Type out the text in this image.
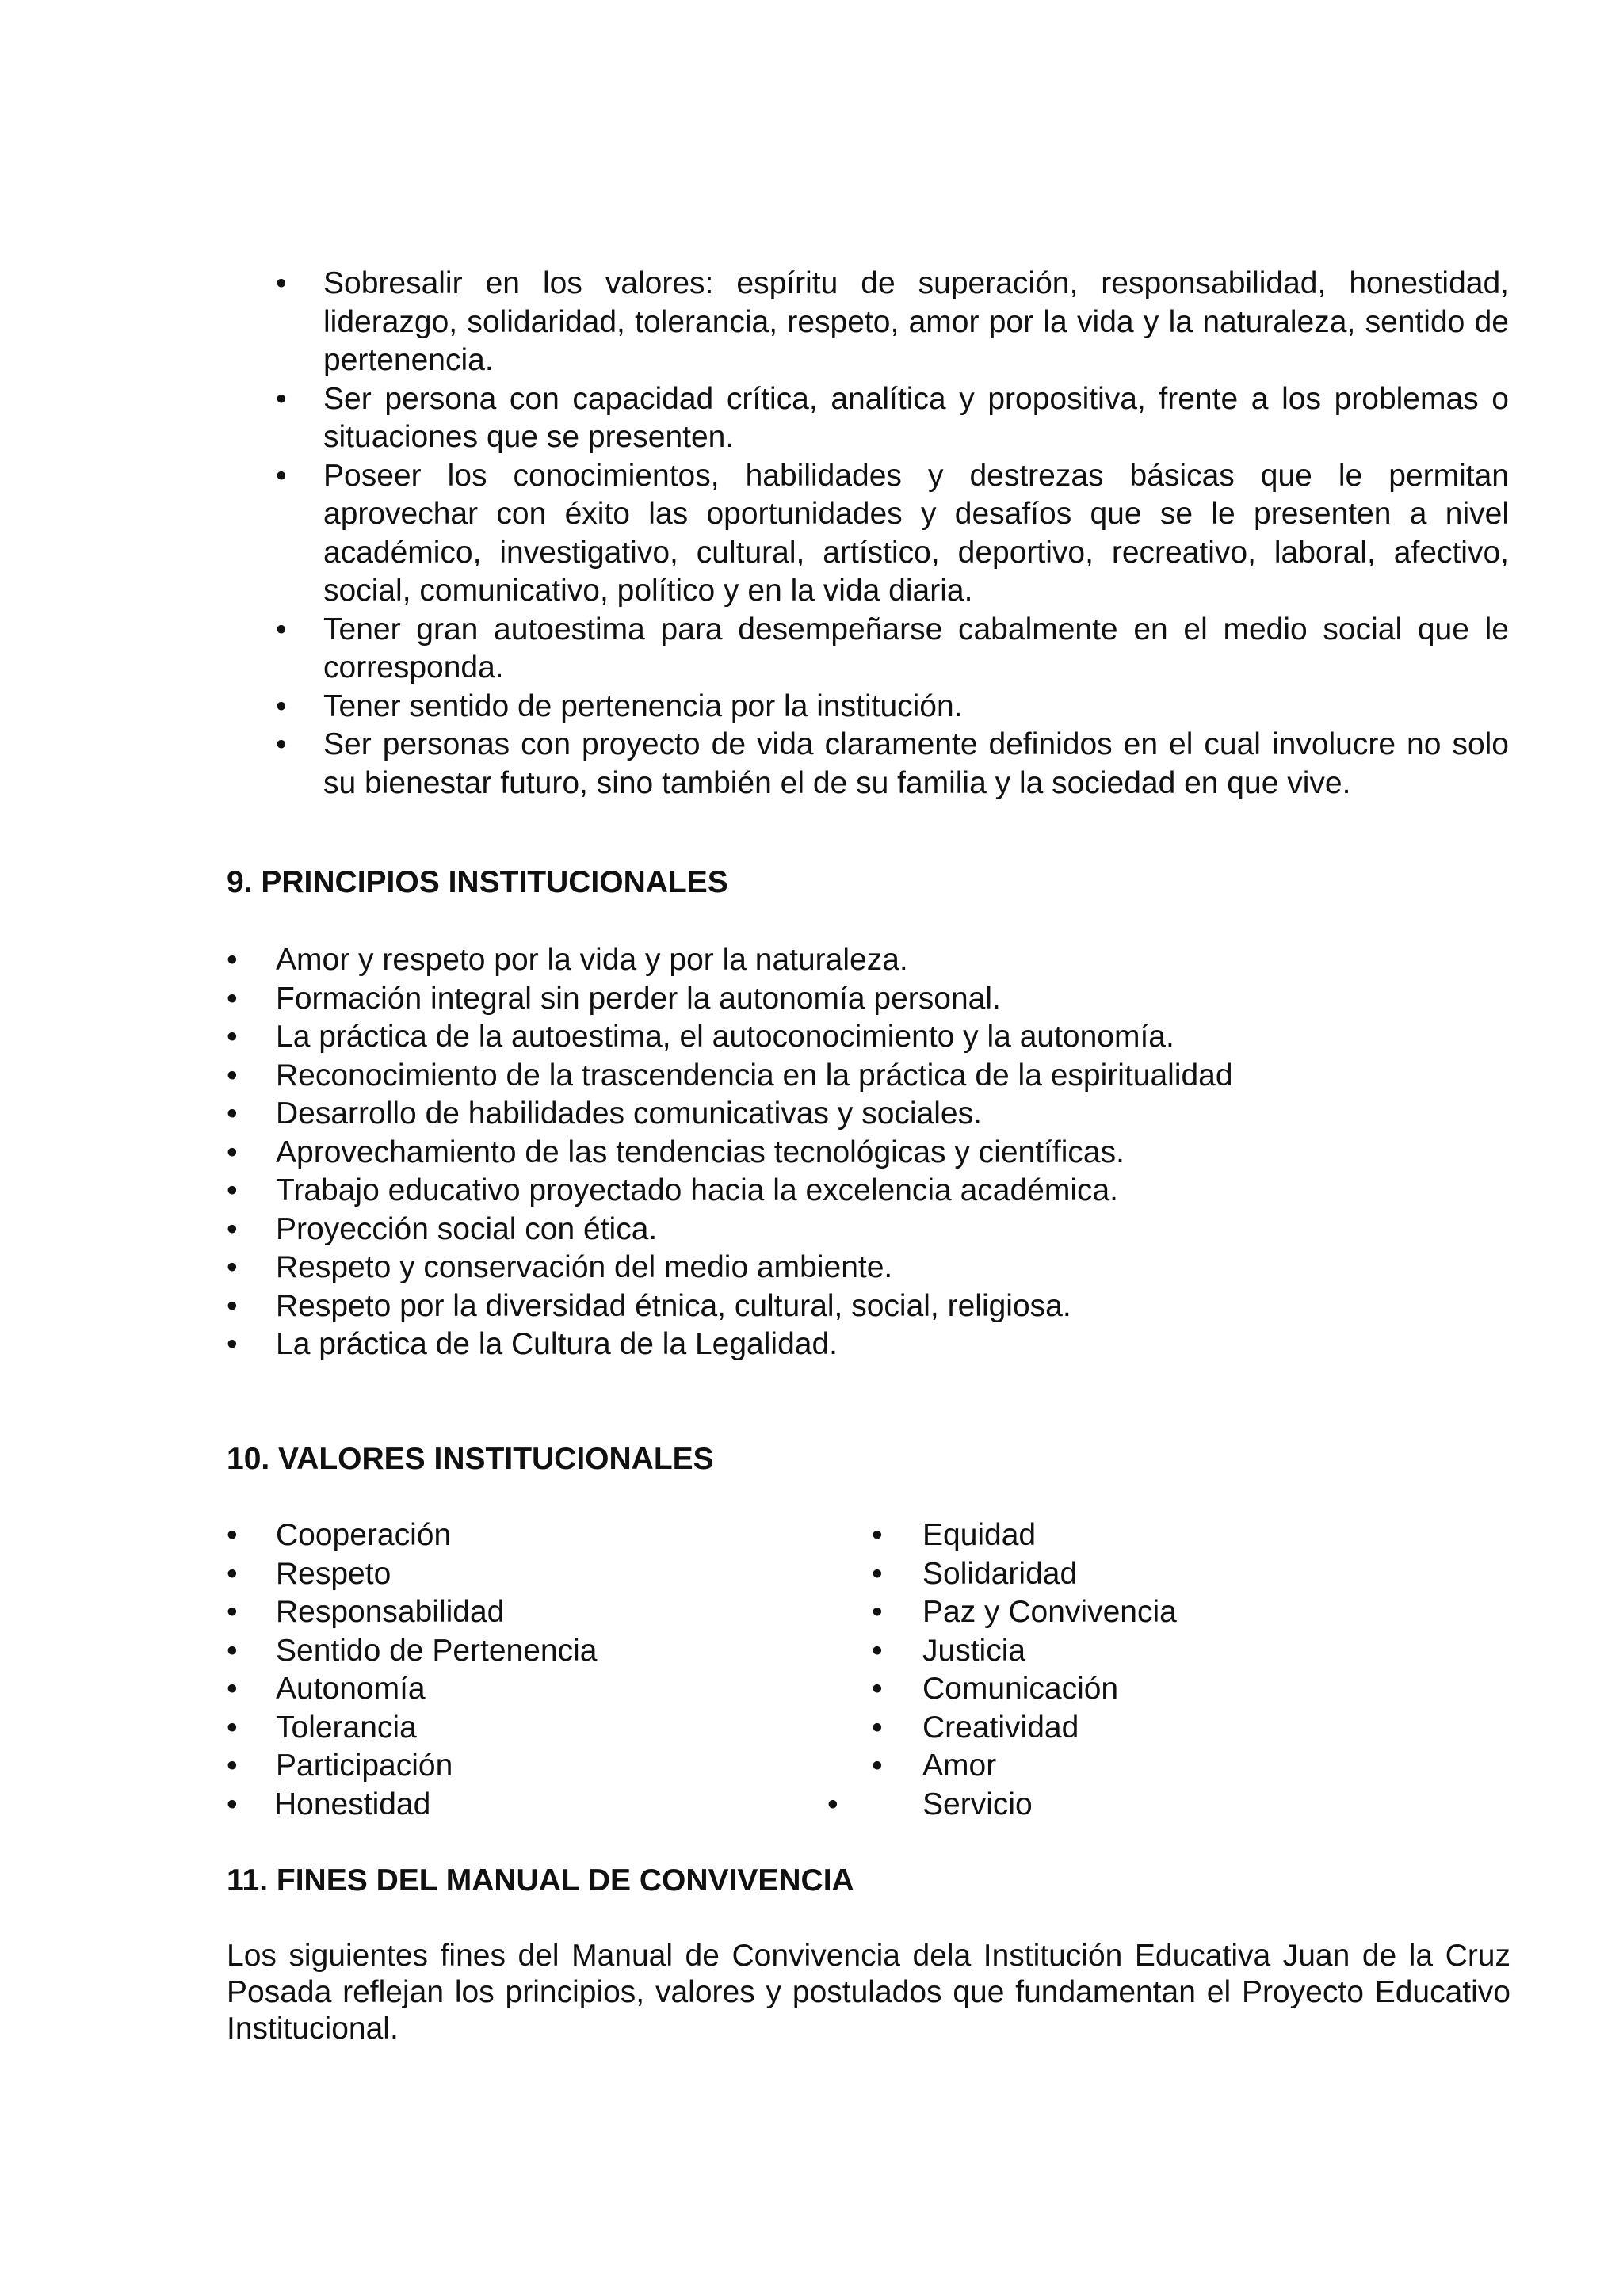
•	Sobresalir en los valores: espíritu de superación, responsabilidad, honestidad, liderazgo, solidaridad, tolerancia, respeto, amor por la vida y la naturaleza, sentido de pertenencia.
•	Ser persona con capacidad crítica, analítica y propositiva, frente a los problemas o situaciones que se presenten.
•	Poseer los conocimientos, habilidades y destrezas básicas que le permitan aprovechar con éxito las oportunidades y desafíos que se le presenten a nivel académico, investigativo, cultural, artístico, deportivo, recreativo, laboral, afectivo, social, comunicativo, político y en la vida diaria.
•	Tener gran autoestima para desempeñarse cabalmente en el medio social que le corresponda.
•	Tener sentido de pertenencia por la institución.
•	Ser personas con proyecto de vida claramente definidos en el cual involucre no solo su bienestar futuro, sino también el de su familia y la sociedad en que vive.
9. PRINCIPIOS INSTITUCIONALES
•	Amor y respeto por la vida y por la naturaleza.
•	Formación integral sin perder la autonomía personal.
•	La práctica de la autoestima, el autoconocimiento y la autonomía.
•	Reconocimiento de la trascendencia en la práctica de la espiritualidad
•	Desarrollo de habilidades comunicativas y sociales.
•	Aprovechamiento de las tendencias tecnológicas y científicas.
•	Trabajo educativo proyectado hacia la excelencia académica.
•	Proyección social con ética.
•	Respeto y conservación del medio ambiente.
•	Respeto por la diversidad étnica, cultural, social, religiosa.
•	La práctica de la Cultura de la Legalidad.
10. VALORES INSTITUCIONALES
•	Cooperación
•	Respeto
•	Responsabilidad
•	Sentido de Pertenencia
•	Autonomía
•	Tolerancia
•	Participación
•	Honestidad
•	Equidad
•	Solidaridad
•	Paz y Convivencia
•	Justicia
•	Comunicación
•	Creatividad
•	Amor
•	Servicio
11. FINES DEL MANUAL DE CONVIVENCIA

Los siguientes fines del Manual de Convivencia dela Institución Educativa Juan de la Cruz Posada reflejan los principios, valores y postulados que fundamentan el Proyecto Educativo Institucional.
